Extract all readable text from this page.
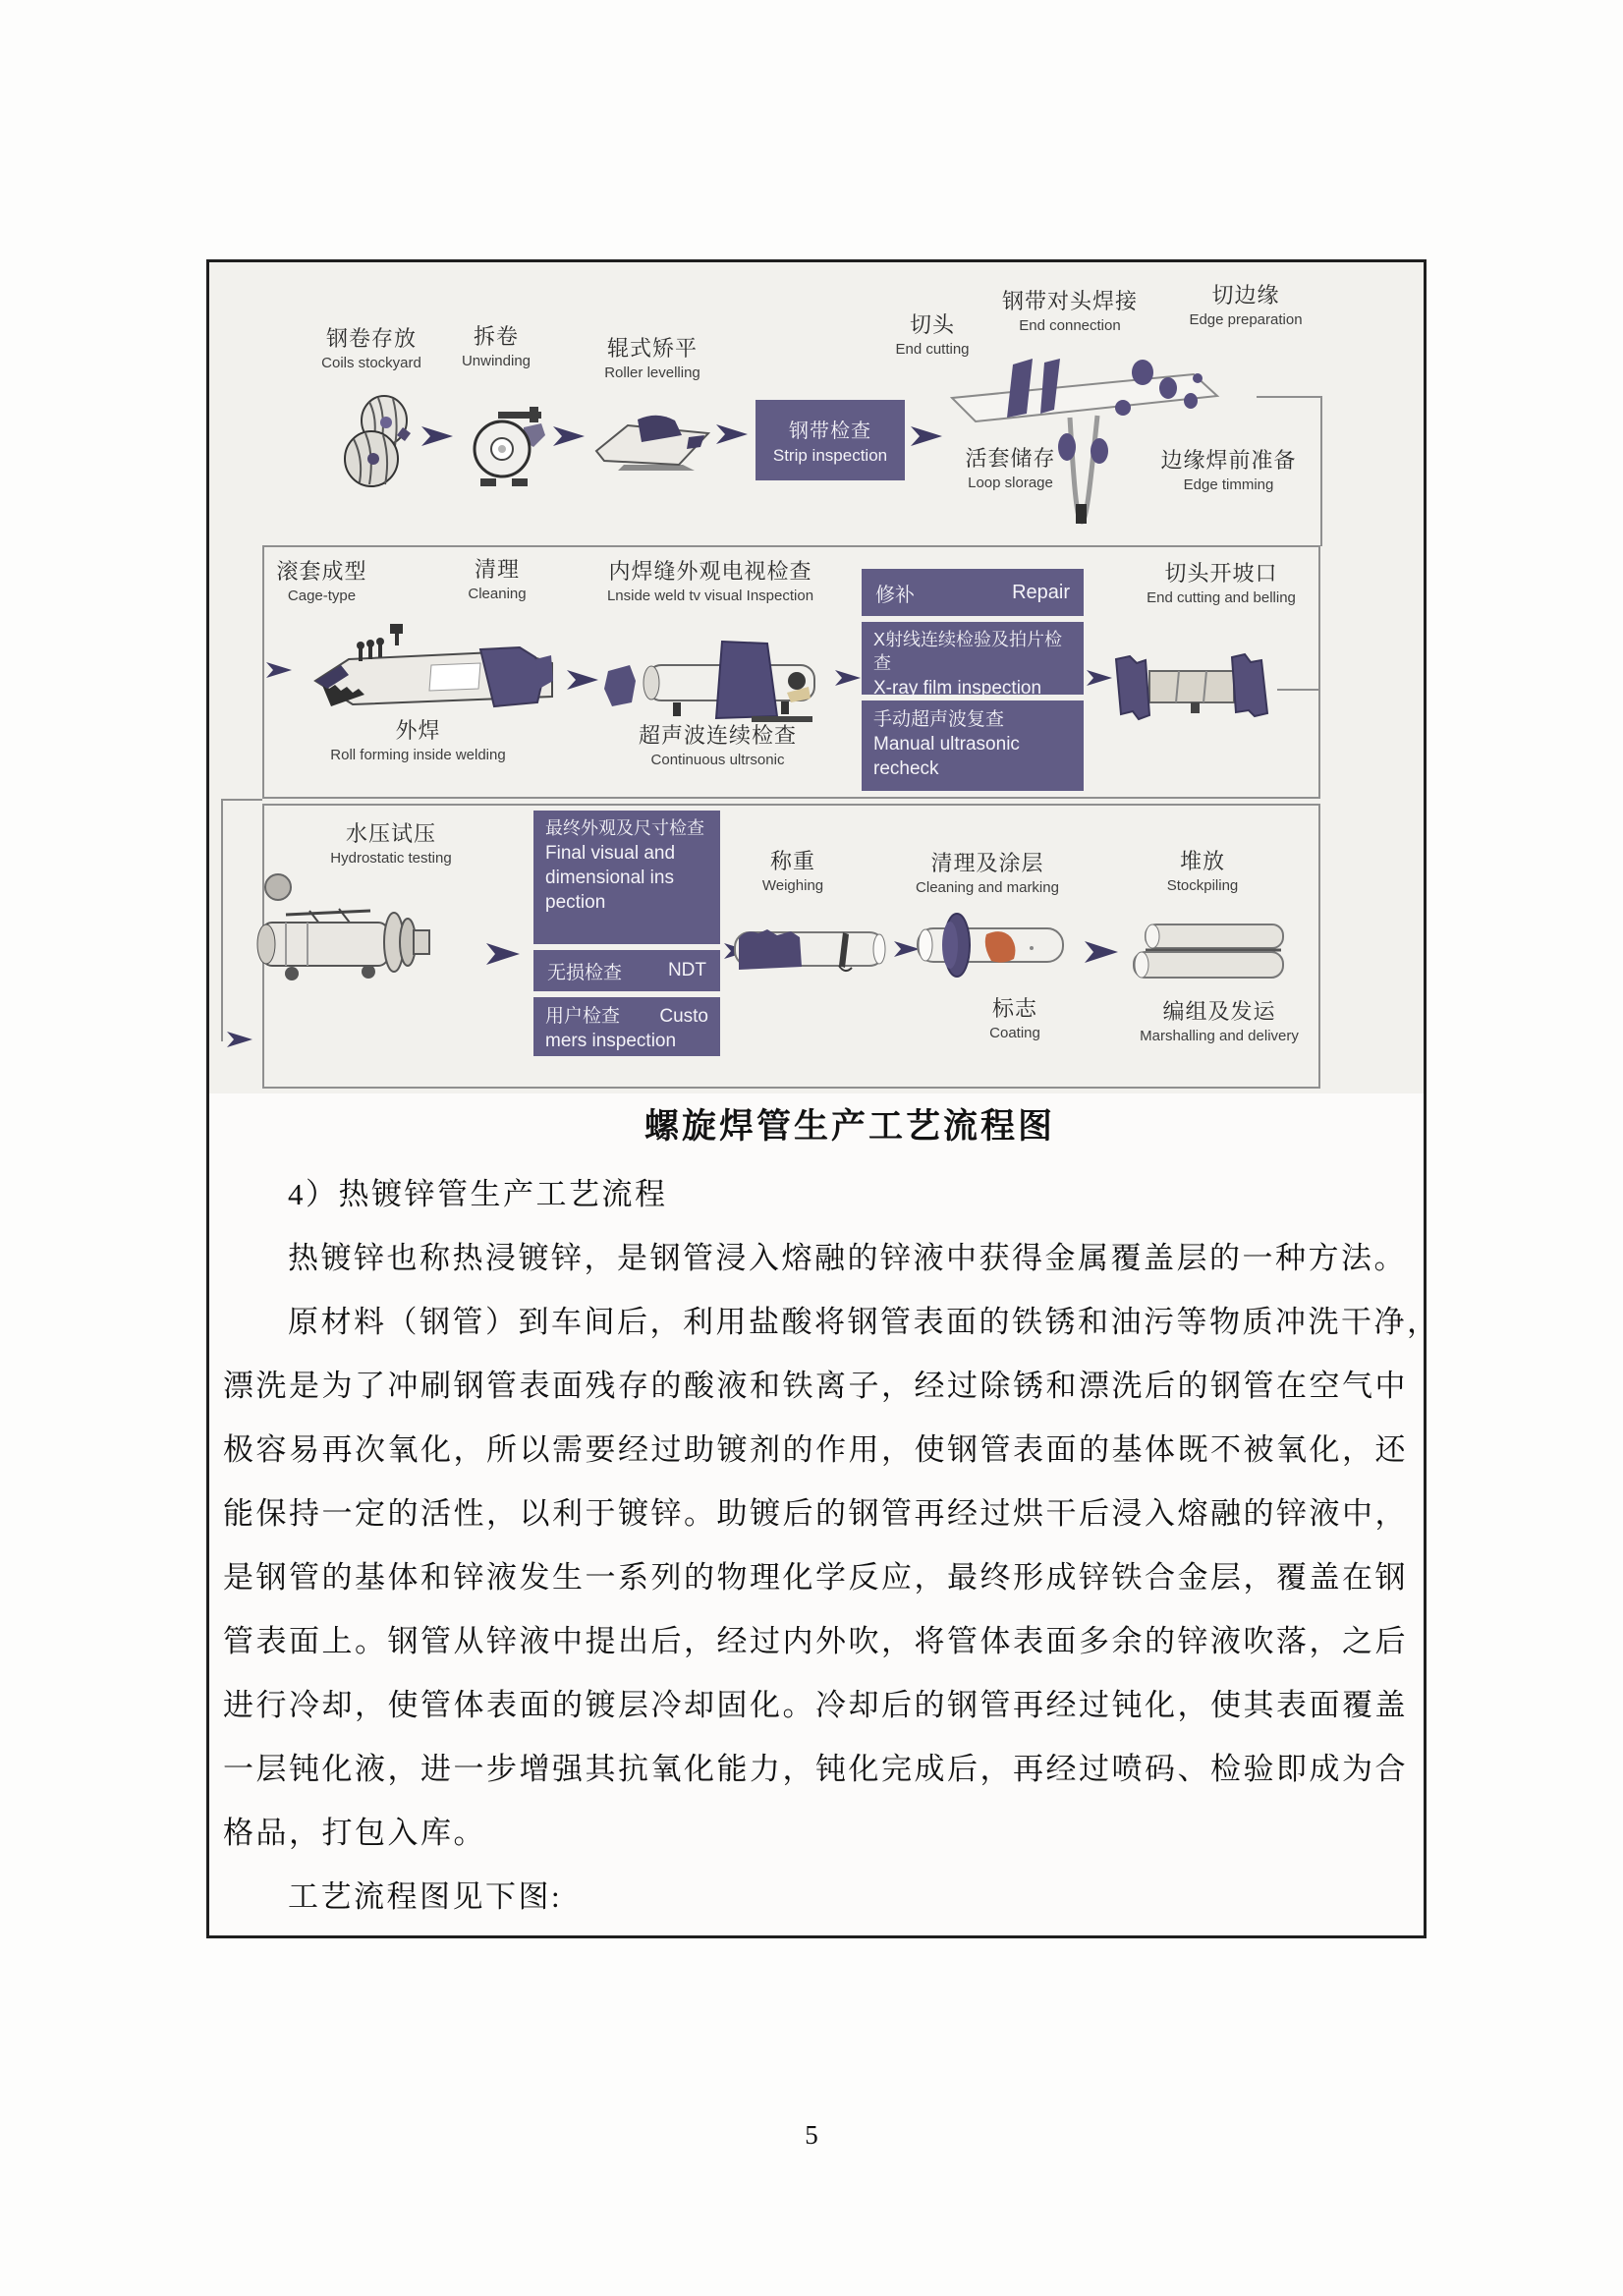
钢卷存放
Coils stockyard
拆卷
Unwinding
辊式矫平
Roller levelling
钢带检查
Strip inspection
切头
End cutting
钢带对头焊接
End connection
切边缘
Edge preparation
活套储存
Loop slorage
边缘焊前准备
Edge timming
滚套成型
Cage-type
清理
Cleaning
内焊缝外观电视检查
Lnside weld tv visual Inspection
外焊
Roll forming inside welding
超声波连续检查
Continuous ultrsonic
修补	Repair
X射线连续检验及拍片检查
X-ray film inspection
手动超声波复查
Manual ultrasonic
recheck
切头开坡口
End cutting and belling
水压试压
Hydrostatic testing
最终外观及尺寸检查
Final visual and
dimensional ins
pection
无损检查 NDT
用户检查 Custo
mers inspection
称重
Weighing
清理及涂层
Cleaning and marking
标志
Coating
堆放
Stockpiling
编组及发运
Marshalling and delivery
螺旋焊管生产工艺流程图
4）热镀锌管生产工艺流程
热镀锌也称热浸镀锌，是钢管浸入熔融的锌液中获得金属覆盖层的一种方法。
原材料（钢管）到车间后，利用盐酸将钢管表面的铁锈和油污等物质冲洗干净，
漂洗是为了冲刷钢管表面残存的酸液和铁离子，经过除锈和漂洗后的钢管在空气中
极容易再次氧化，所以需要经过助镀剂的作用，使钢管表面的基体既不被氧化，还
能保持一定的活性，以利于镀锌。助镀后的钢管再经过烘干后浸入熔融的锌液中，
是钢管的基体和锌液发生一系列的物理化学反应，最终形成锌铁合金层，覆盖在钢
管表面上。钢管从锌液中提出后，经过内外吹，将管体表面多余的锌液吹落，之后
进行冷却，使管体表面的镀层冷却固化。冷却后的钢管再经过钝化，使其表面覆盖
一层钝化液，进一步增强其抗氧化能力，钝化完成后，再经过喷码、检验即成为合
格品，打包入库。
工艺流程图见下图:
5
